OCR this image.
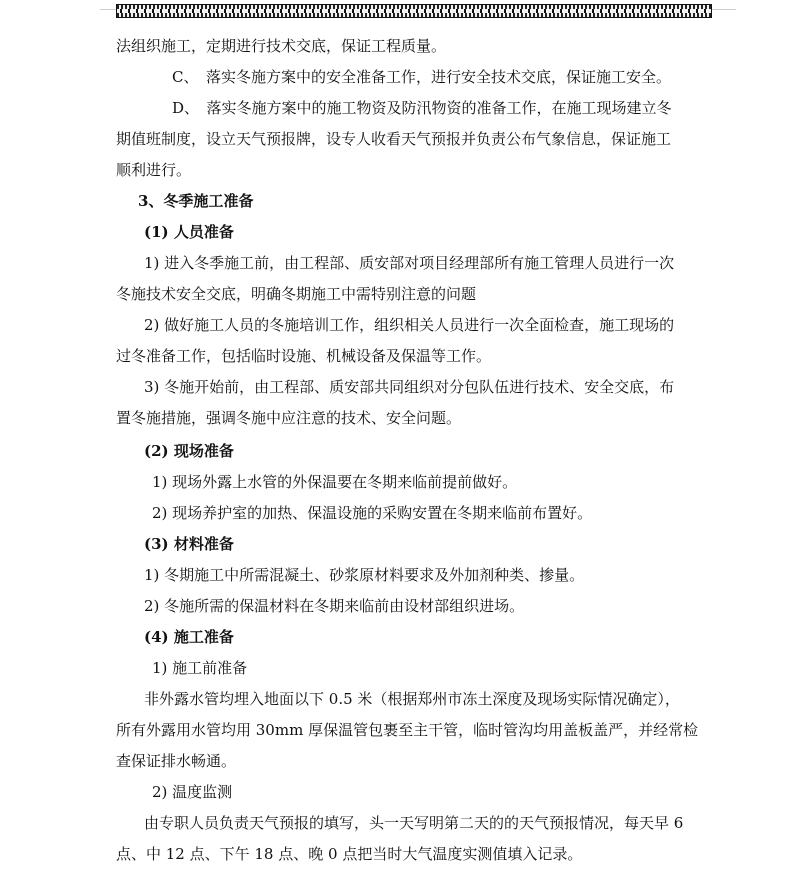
法组织施工，定期进行技术交底，保证工程质量。
C、　落实冬施方案中的安全准备工作，进行安全技术交底，保证施工安全。
D、　落实冬施方案中的施工物资及防汛物资的准备工作，在施工现场建立冬
期值班制度，设立天气预报牌，设专人收看天气预报并负责公布气象信息，保证施工
顺利进行。
3、冬季施工准备
(1) 人员准备
1) 进入冬季施工前，由工程部、质安部对项目经理部所有施工管理人员进行一次
冬施技术安全交底，明确冬期施工中需特别注意的问题
2) 做好施工人员的冬施培训工作，组织相关人员进行一次全面检查，施工现场的
过冬准备工作，包括临时设施、机械设备及保温等工作。
3) 冬施开始前，由工程部、质安部共同组织对分包队伍进行技术、安全交底，布
置冬施措施，强调冬施中应注意的技术、安全问题。
(2) 现场准备
1) 现场外露上水管的外保温要在冬期来临前提前做好。
2) 现场养护室的加热、保温设施的采购安置在冬期来临前布置好。
(3) 材料准备
1) 冬期施工中所需混凝土、砂浆原材料要求及外加剂种类、掺量。
2) 冬施所需的保温材料在冬期来临前由设材部组织进场。
(4) 施工准备
1) 施工前准备
非外露水管均埋入地面以下 0.5 米（根据郑州市冻土深度及现场实际情况确定），
所有外露用水管均用 30mm 厚保温管包裹至主干管，临时管沟均用盖板盖严，并经常检
查保证排水畅通。
2) 温度监测
由专职人员负责天气预报的填写，头一天写明第二天的的天气预报情况，每天早 6
点、中 12 点、下午 18 点、晚 0 点把当时大气温度实测值填入记录。
